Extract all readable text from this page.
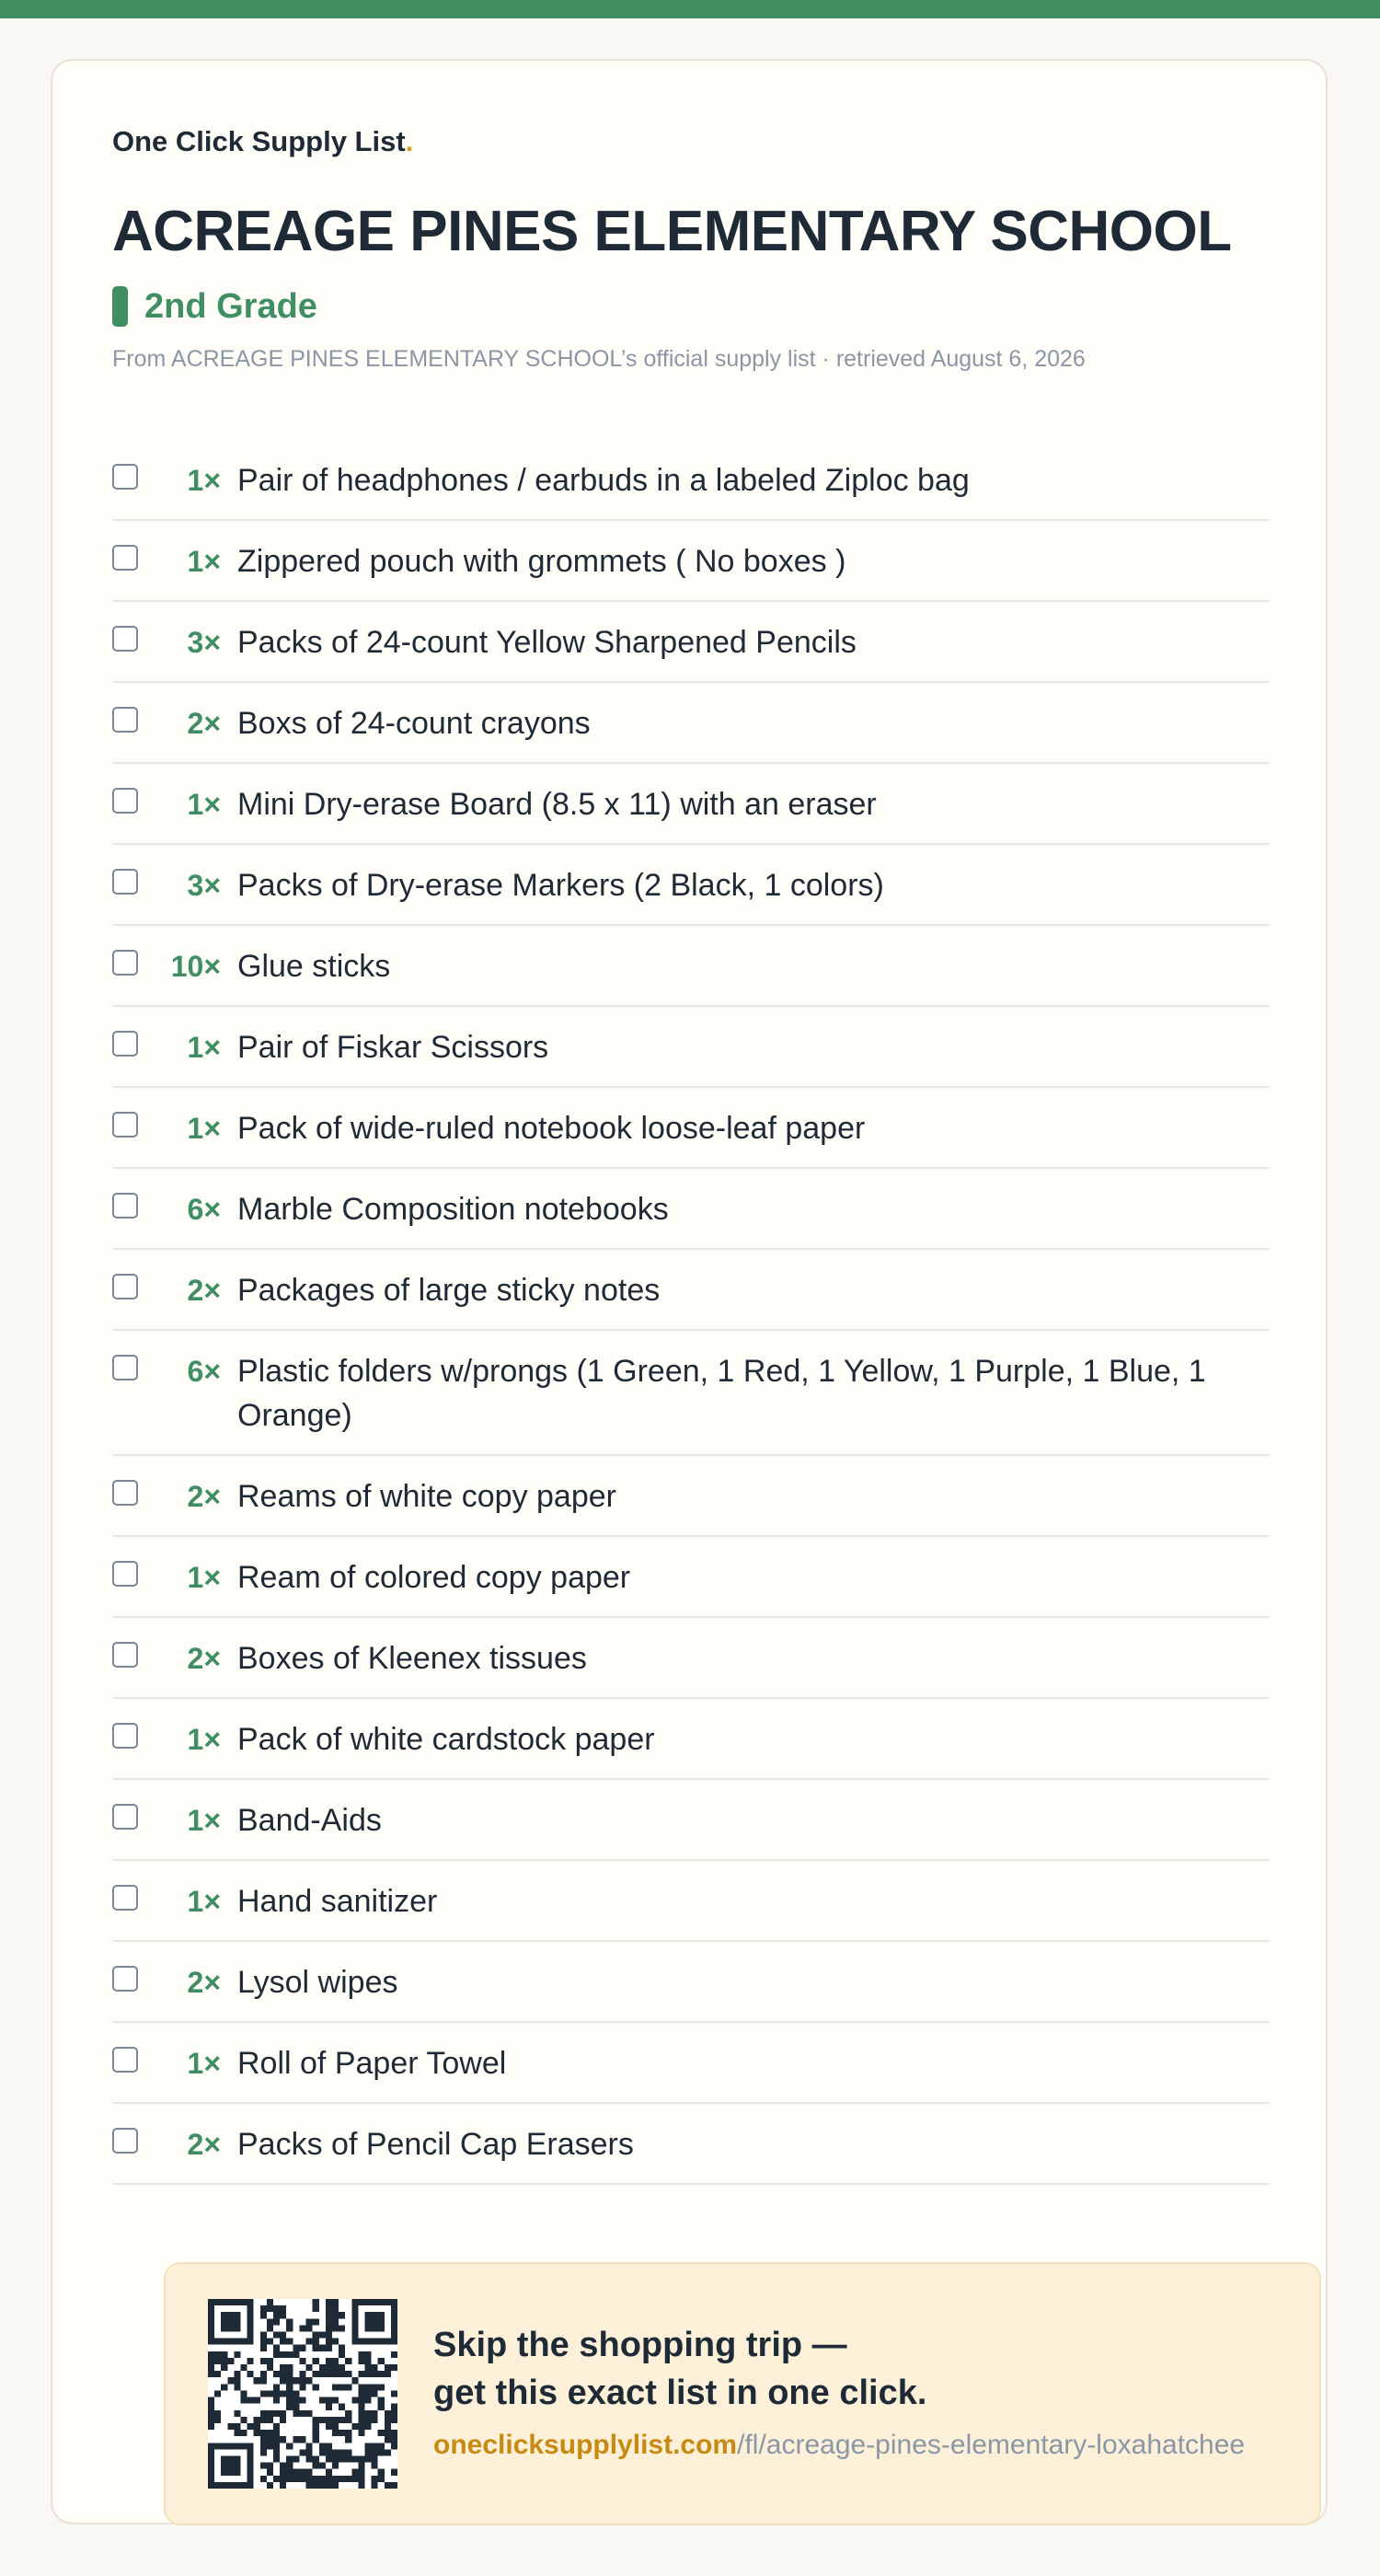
One Click Supply List.
ACREAGE PINES ELEMENTARY SCHOOL
2nd Grade
From ACREAGE PINES ELEMENTARY SCHOOL’s official supply list · retrieved August 6, 2026
1× Pair of headphones / earbuds in a labeled Ziploc bag
1× Zippered pouch with grommets ( No boxes )
3× Packs of 24-count Yellow Sharpened Pencils
2× Boxs of 24-count crayons
1× Mini Dry-erase Board (8.5 x 11) with an eraser
3× Packs of Dry-erase Markers (2 Black, 1 colors)
10× Glue sticks
1× Pair of Fiskar Scissors
1× Pack of wide-ruled notebook loose-leaf paper
6× Marble Composition notebooks
2× Packages of large sticky notes
6× Plastic folders w/prongs (1 Green, 1 Red, 1 Yellow, 1 Purple, 1 Blue, 1 Orange)
2× Reams of white copy paper
1× Ream of colored copy paper
2× Boxes of Kleenex tissues
1× Pack of white cardstock paper
1× Band-Aids
1× Hand sanitizer
2× Lysol wipes
1× Roll of Paper Towel
2× Packs of Pencil Cap Erasers
Skip the shopping trip —
get this exact list in one click.
oneclicksupplylist.com/fl/acreage-pines-elementary-loxahatchee
